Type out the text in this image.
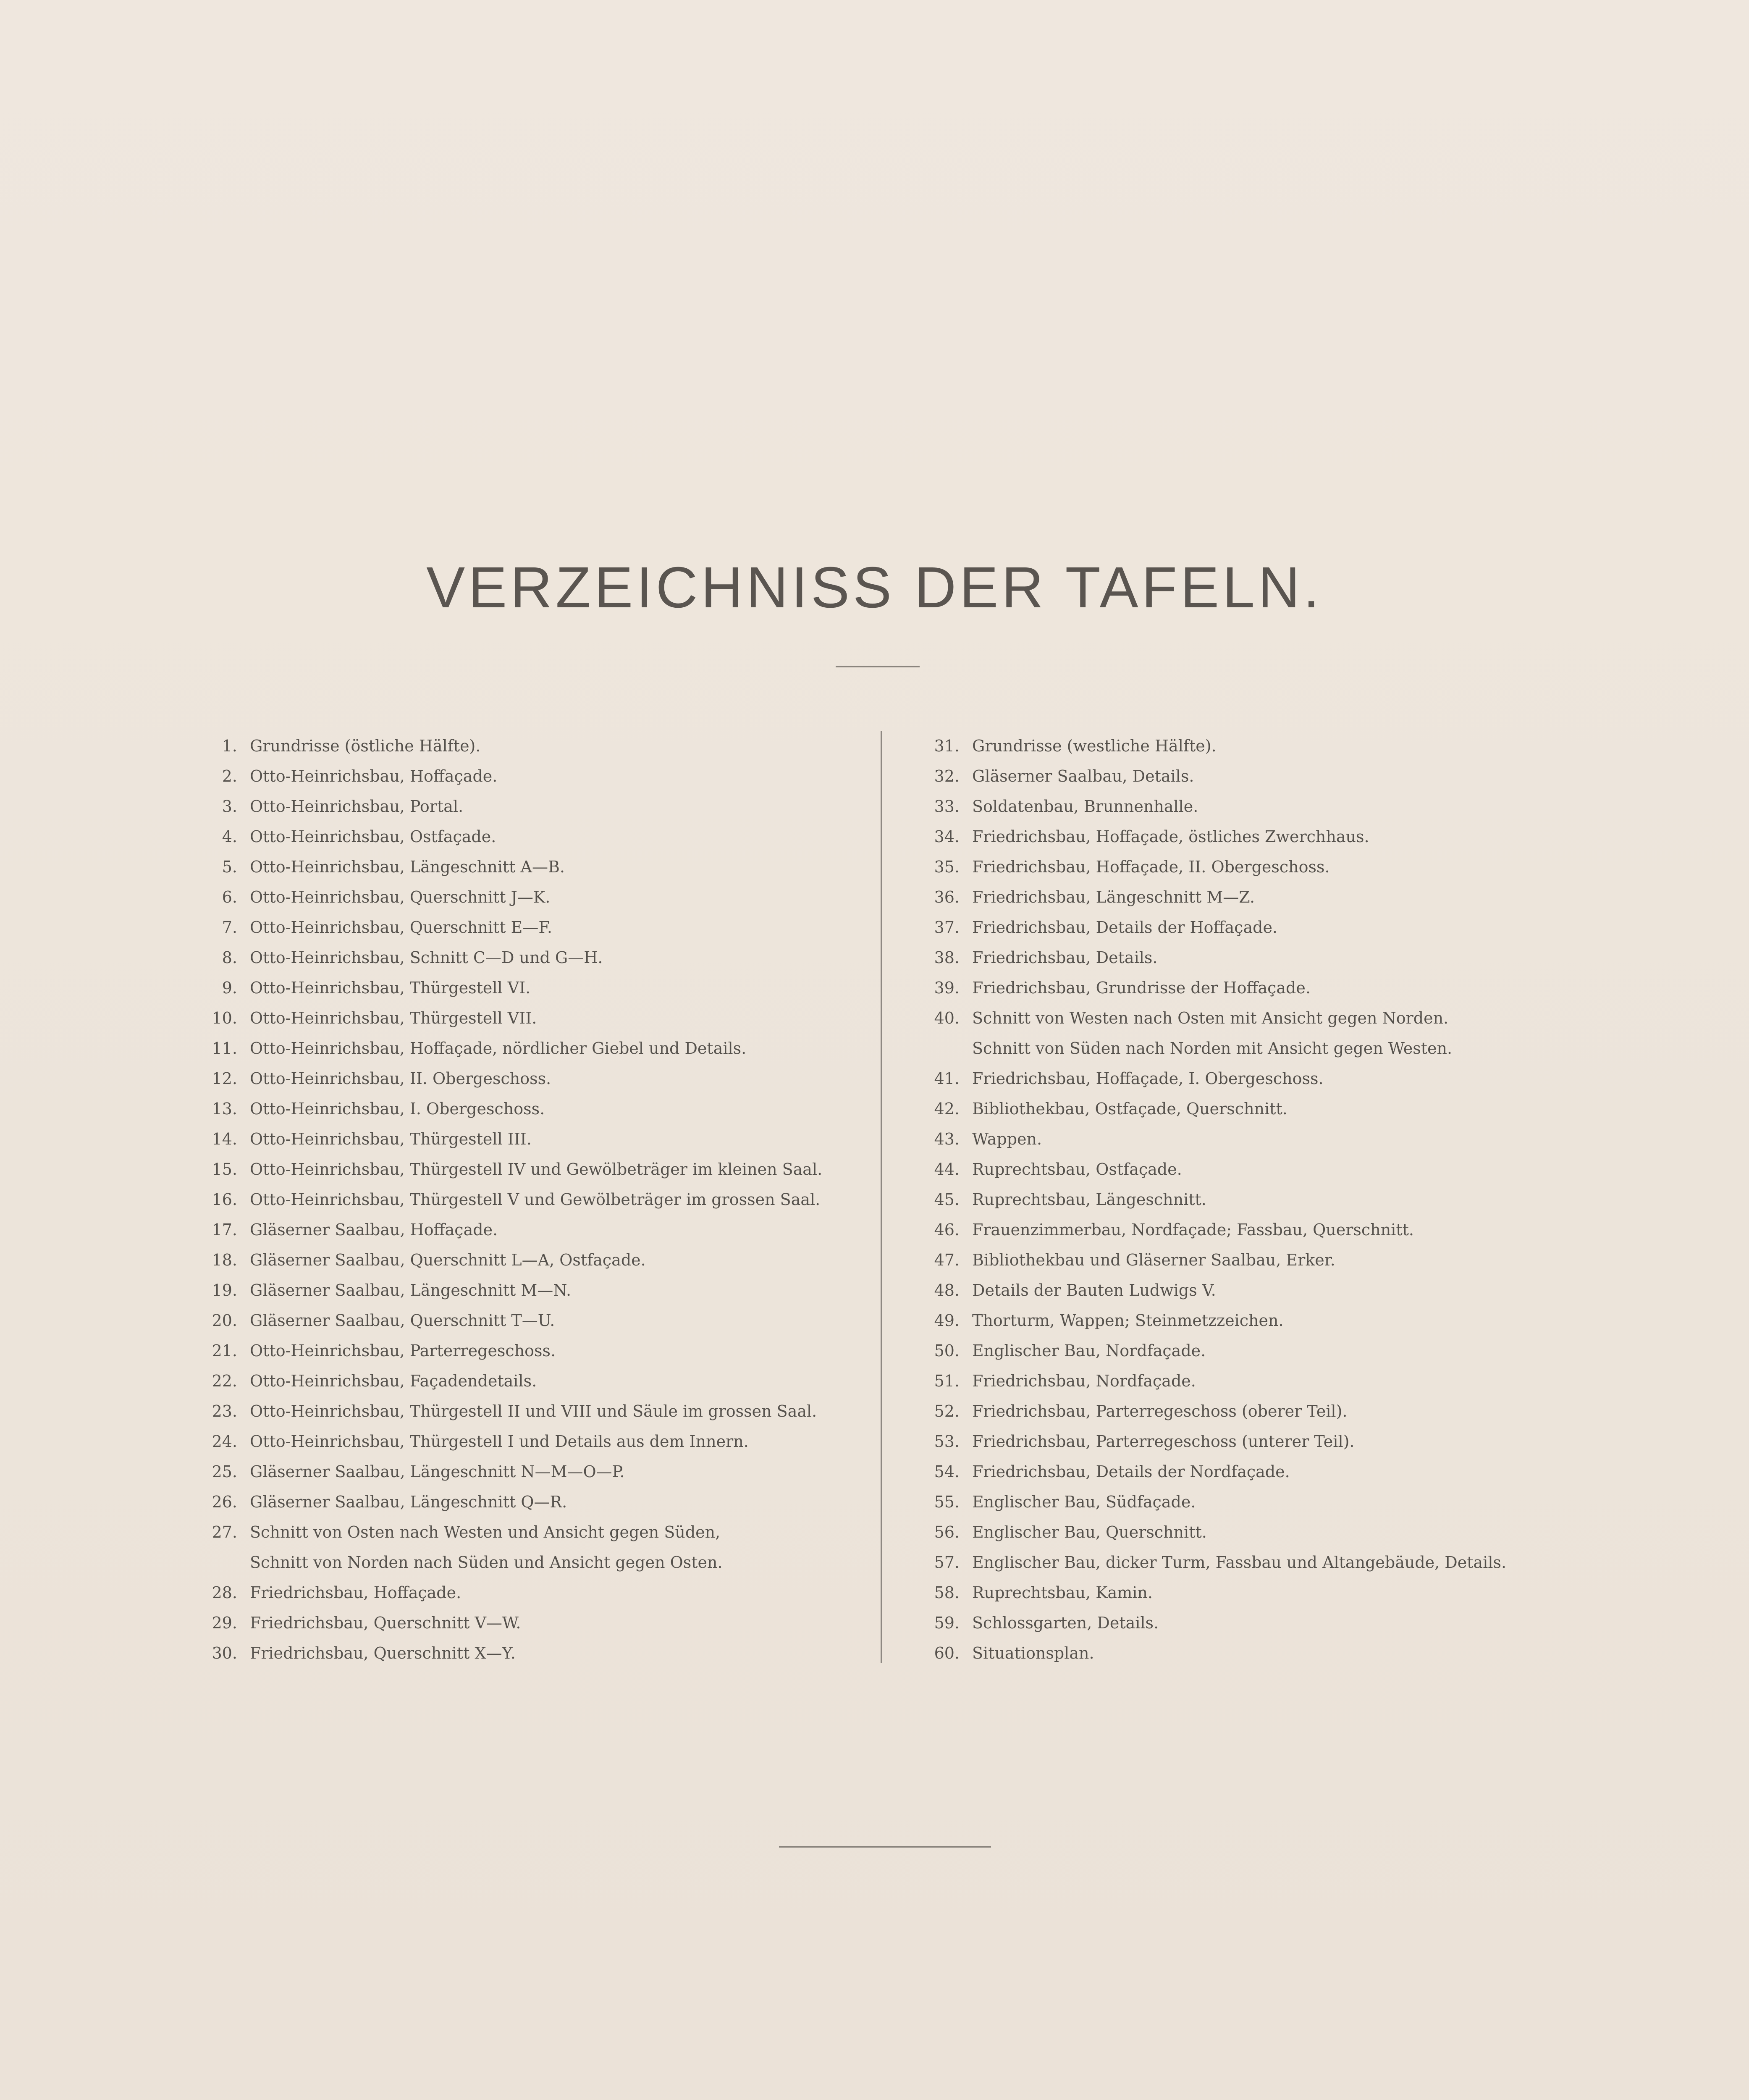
VERZEICHNISS DER TAFELN.
1. Grundrisse (östliche Hälfte).
2. Otto-Heinrichsbau, Hoffaçade.
3. Otto-Heinrichsbau, Portal.
4. Otto-Heinrichsbau, Ostfaçade.
5. Otto-Heinrichsbau, Längeschnitt A—B.
6. Otto-Heinrichsbau, Querschnitt J—K.
7. Otto-Heinrichsbau, Querschnitt E—F.
8. Otto-Heinrichsbau, Schnitt C—D und G—H.
9. Otto-Heinrichsbau, Thürgestell VI.
10. Otto-Heinrichsbau, Thürgestell VII.
11. Otto-Heinrichsbau, Hoffaçade, nördlicher Giebel und Details.
12. Otto-Heinrichsbau, II. Obergeschoss.
13. Otto-Heinrichsbau, I. Obergeschoss.
14. Otto-Heinrichsbau, Thürgestell III.
15. Otto-Heinrichsbau, Thürgestell IV und Gewölbeträger im kleinen Saal.
16. Otto-Heinrichsbau, Thürgestell V und Gewölbeträger im grossen Saal.
17. Gläserner Saalbau, Hoffaçade.
18. Gläserner Saalbau, Querschnitt L—A, Ostfaçade.
19. Gläserner Saalbau, Längeschnitt M—N.
20. Gläserner Saalbau, Querschnitt T—U.
21. Otto-Heinrichsbau, Parterregeschoss.
22. Otto-Heinrichsbau, Façadendetails.
23. Otto-Heinrichsbau, Thürgestell II und VIII und Säule im grossen Saal.
24. Otto-Heinrichsbau, Thürgestell I und Details aus dem Innern.
25. Gläserner Saalbau, Längeschnitt N—M—O—P.
26. Gläserner Saalbau, Längeschnitt Q—R.
27. Schnitt von Osten nach Westen und Ansicht gegen Süden,
Schnitt von Norden nach Süden und Ansicht gegen Osten.
28. Friedrichsbau, Hoffaçade.
29. Friedrichsbau, Querschnitt V—W.
30. Friedrichsbau, Querschnitt X—Y.
31. Grundrisse (westliche Hälfte).
32. Gläserner Saalbau, Details.
33. Soldatenbau, Brunnenhalle.
34. Friedrichsbau, Hoffaçade, östliches Zwerchhaus.
35. Friedrichsbau, Hoffaçade, II. Obergeschoss.
36. Friedrichsbau, Längeschnitt M—Z.
37. Friedrichsbau, Details der Hoffaçade.
38. Friedrichsbau, Details.
39. Friedrichsbau, Grundrisse der Hoffaçade.
40. Schnitt von Westen nach Osten mit Ansicht gegen Norden.
Schnitt von Süden nach Norden mit Ansicht gegen Westen.
41. Friedrichsbau, Hoffaçade, I. Obergeschoss.
42. Bibliothekbau, Ostfaçade, Querschnitt.
43. Wappen.
44. Ruprechtsbau, Ostfaçade.
45. Ruprechtsbau, Längeschnitt.
46. Frauenzimmerbau, Nordfaçade; Fassbau, Querschnitt.
47. Bibliothekbau und Gläserner Saalbau, Erker.
48. Details der Bauten Ludwigs V.
49. Thorturm, Wappen; Steinmetzzeichen.
50. Englischer Bau, Nordfaçade.
51. Friedrichsbau, Nordfaçade.
52. Friedrichsbau, Parterregeschoss (oberer Teil).
53. Friedrichsbau, Parterregeschoss (unterer Teil).
54. Friedrichsbau, Details der Nordfaçade.
55. Englischer Bau, Südfaçade.
56. Englischer Bau, Querschnitt.
57. Englischer Bau, dicker Turm, Fassbau und Altangebäude, Details.
58. Ruprechtsbau, Kamin.
59. Schlossgarten, Details.
60. Situationsplan.
